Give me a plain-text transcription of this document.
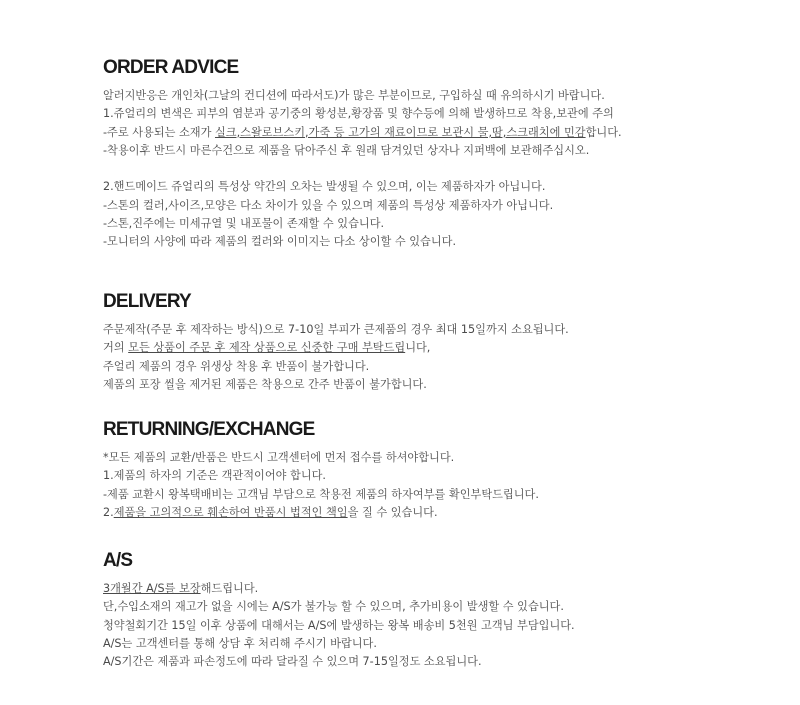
ORDER ADVICE
알러지반응은 개인차(그날의 컨디션에 따라서도)가 많은 부분이므로, 구입하실 때 유의하시기 바랍니다.
1.쥬얼리의 변색은 피부의 염분과 공기중의 황성분,황장품 및 향수등에 의해 발생하므로 착용,보관에 주의
-주로 사용되는 소재가 실크,스왈로브스키,가죽 등 고가의 재료이므로 보관시 물,땀,스크래치에 민감합니다.
-착용이후 반드시 마른수건으로 제품을 닦아주신 후 원래 담겨있던 상자나 지퍼백에 보관해주십시오.
2.핸드메이드 쥬얼리의 특성상 약간의 오차는 발생될 수 있으며, 이는 제품하자가 아닙니다.
-스톤의 컬러,사이즈,모양은 다소 차이가 있을 수 있으며 제품의 특성상 제품하자가 아닙니다.
-스톤,진주에는 미세규열 및 내포물이 존재할 수 있습니다.
-모니터의 사양에 따라 제품의 컬러와 이미지는 다소 상이할 수 있습니다.
DELIVERY
주문제작(주문 후 제작하는 방식)으로 7-10일 부피가 큰제품의 경우 최대 15일까지 소요됩니다.
거의 모든 상품이 주문 후 제작 상품으로 신중한 구매 부탁드립니다,
주얼리 제품의 경우 위생상 착용 후 반품이 불가합니다.
제품의 포장 씰을 제거된 제품은 착용으로 간주 반품이 불가합니다.
RETURNING/EXCHANGE
*모든 제품의 교환/반품은 반드시 고객센터에 먼저 접수를 하셔야합니다.
1.제품의 하자의 기준은 객관적이어야 합니다.
-제품 교환시 왕복택배비는 고객님 부담으로 착용전 제품의 하자여부를 확인부탁드립니다.
2.제품을 고의적으로 훼손하여 반품시 법적인 책임을 질 수 있습니다.
A/S
3개월간 A/S를 보장해드립니다.
단,수입소재의 재고가 없을 시에는 A/S가 불가능 할 수 있으며, 추가비용이 발생할 수 있습니다.
청약철회기간 15일 이후 상품에 대해서는 A/S에 발생하는 왕복 배송비 5천원 고객님 부담입니다.
A/S는 고객센터를 통해 상담 후 처리해 주시기 바랍니다.
A/S기간은 제품과 파손정도에 따라 달라질 수 있으며 7-15일정도 소요됩니다.
